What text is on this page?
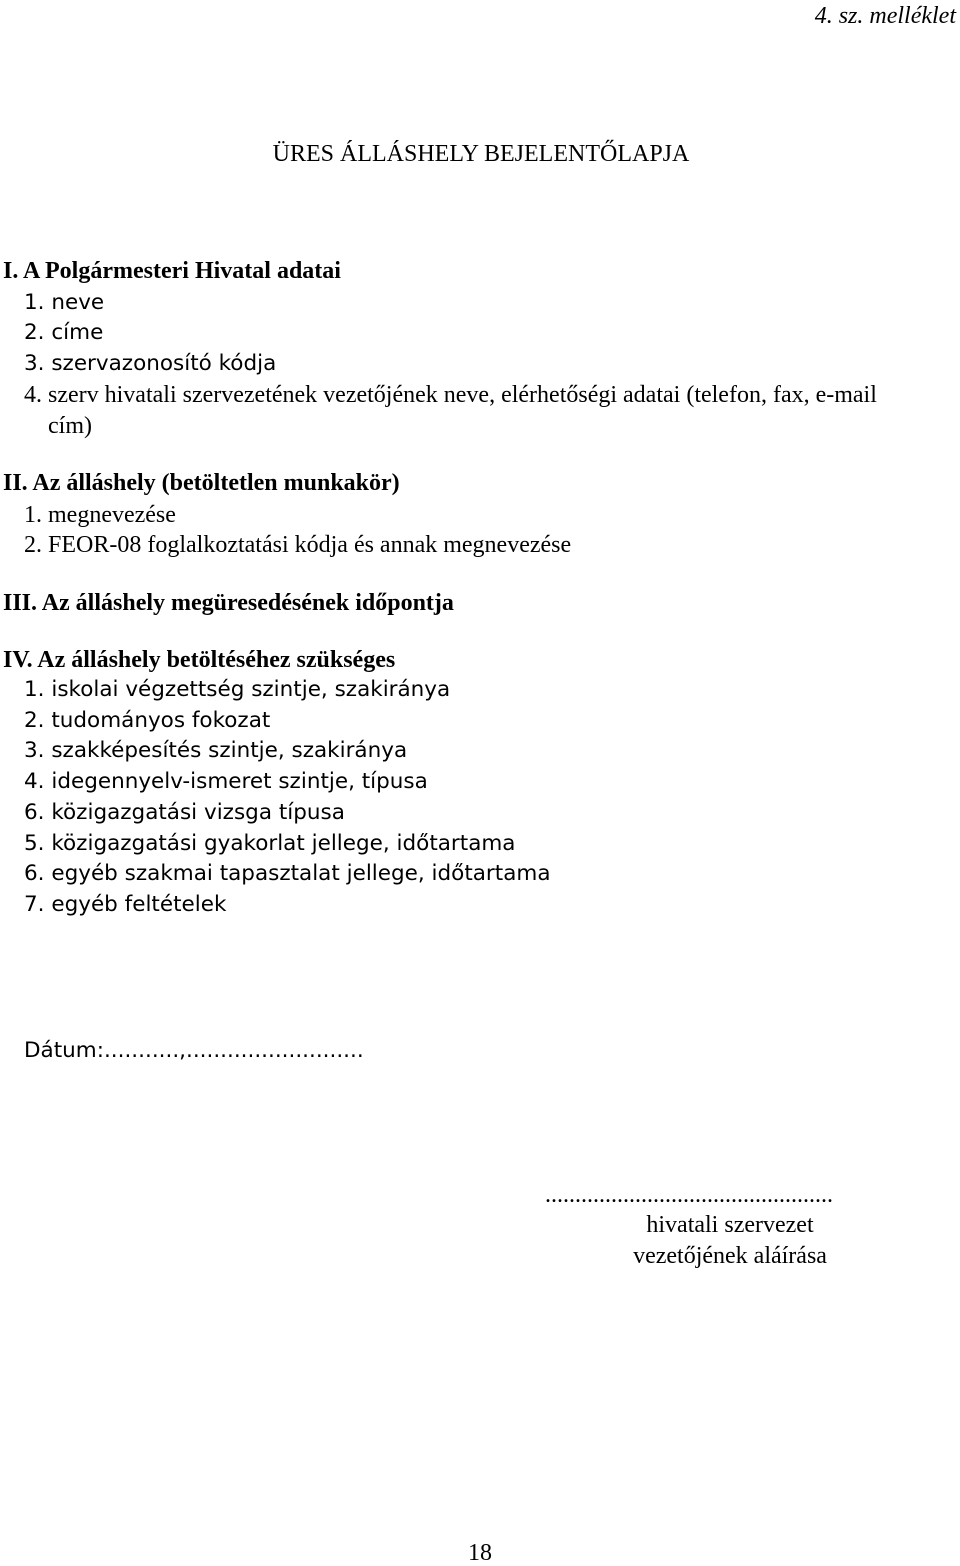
4. sz. melléklet
ÜRES ÁLLÁSHELY BEJELENTŐLAPJA
I. A Polgármesteri Hivatal adatai
1. neve
2. címe
3. szervazonosító kódja
4. szerv hivatali szervezetének vezetőjének neve, elérhetőségi adatai (telefon, fax, e-mail
cím)
II. Az álláshely (betöltetlen munkakör)
1. megnevezése
2. FEOR-08 foglalkoztatási kódja és annak megnevezése
III. Az álláshely megüresedésének időpontja
IV. Az álláshely betöltéséhez szükséges
1. iskolai végzettség szintje, szakiránya
2. tudományos fokozat
3. szakképesítés szintje, szakiránya
4. idegennyelv-ismeret szintje, típusa
6. közigazgatási vizsga típusa
5. közigazgatási gyakorlat jellege, időtartama
6. egyéb szakmai tapasztalat jellege, időtartama
7. egyéb feltételek
Dátum:...........,..........................
................................................
hivatali szervezet
vezetőjének aláírása
18
